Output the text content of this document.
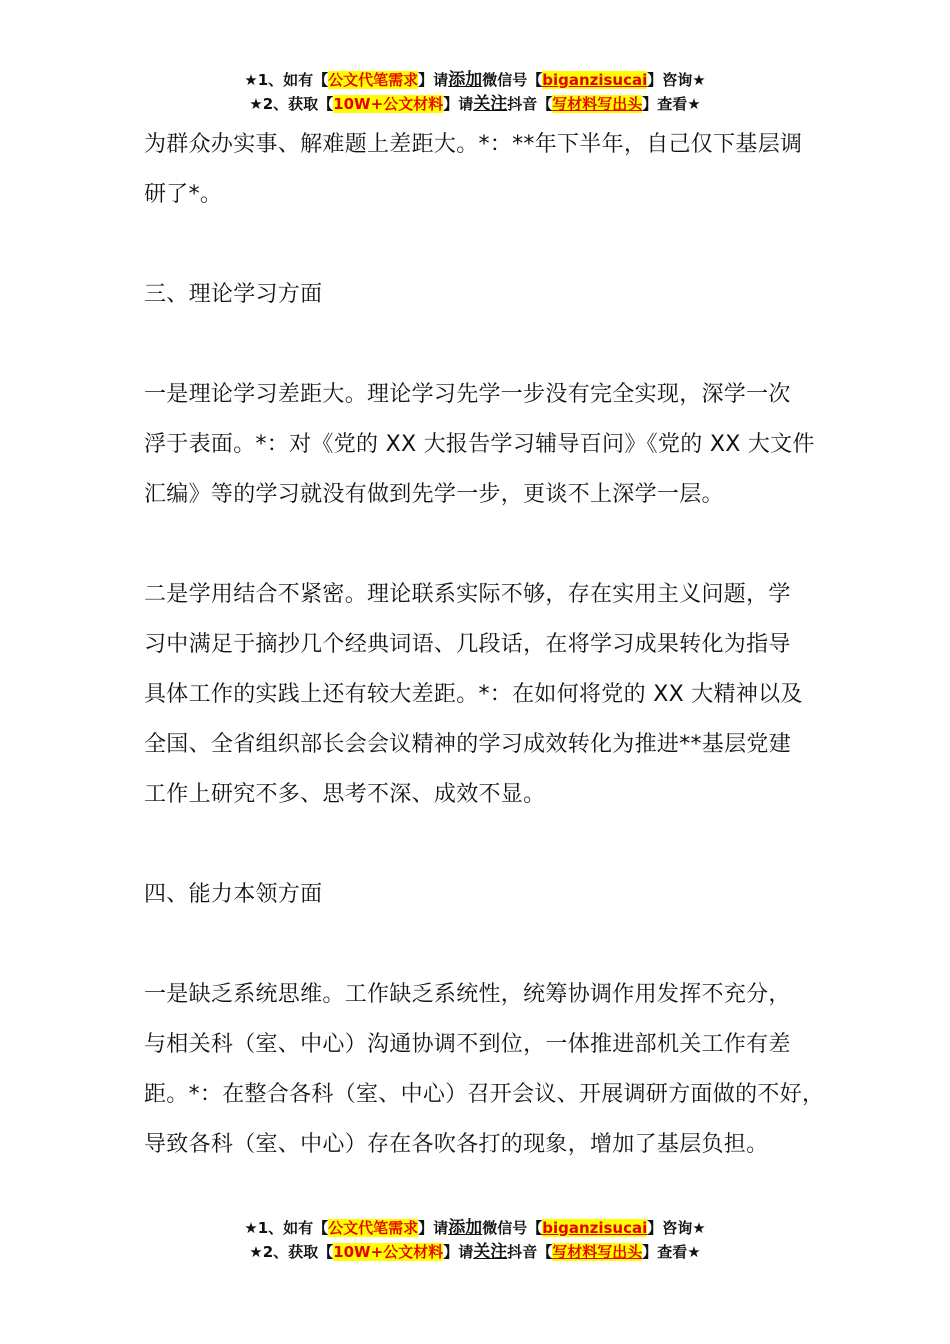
★1、如有【公文代笔需求】请添加微信号【biganzisucai】咨询★
★2、获取【10W+公文材料】请关注抖音【写材料写出头】查看★

为群众办实事、解难题上差距大。*：**年下半年，自己仅下基层调
研了*。

三、理论学习方面

一是理论学习差距大。理论学习先学一步没有完全实现，深学一次
浮于表面。*：对《党的 XX 大报告学习辅导百问》《党的 XX 大文件
汇编》等的学习就没有做到先学一步，更谈不上深学一层。

二是学用结合不紧密。理论联系实际不够，存在实用主义问题，学
习中满足于摘抄几个经典词语、几段话，在将学习成果转化为指导
具体工作的实践上还有较大差距。*：在如何将党的 XX 大精神以及
全国、全省组织部长会会议精神的学习成效转化为推进**基层党建
工作上研究不多、思考不深、成效不显。

四、能力本领方面

一是缺乏系统思维。工作缺乏系统性，统筹协调作用发挥不充分，
与相关科（室、中心）沟通协调不到位，一体推进部机关工作有差
距。*：在整合各科（室、中心）召开会议、开展调研方面做的不好，
导致各科（室、中心）存在各吹各打的现象，增加了基层负担。

★1、如有【公文代笔需求】请添加微信号【biganzisucai】咨询★
★2、获取【10W+公文材料】请关注抖音【写材料写出头】查看★
